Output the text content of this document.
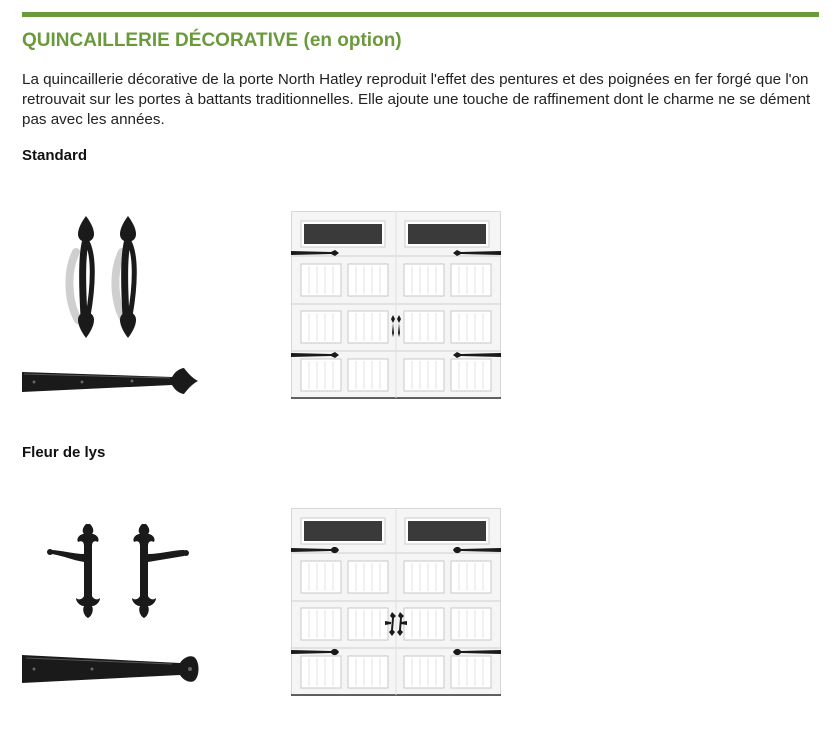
QUINCAILLERIE DÉCORATIVE (en option)
La quincaillerie décorative de la porte North Hatley reproduit l'effet des pentures et des poignées en fer forgé que l'on retrouvait sur les portes à battants traditionnelles. Elle ajoute une touche de raffinement dont le charme ne se dément pas avec les années.
Standard
Fleur de lys
